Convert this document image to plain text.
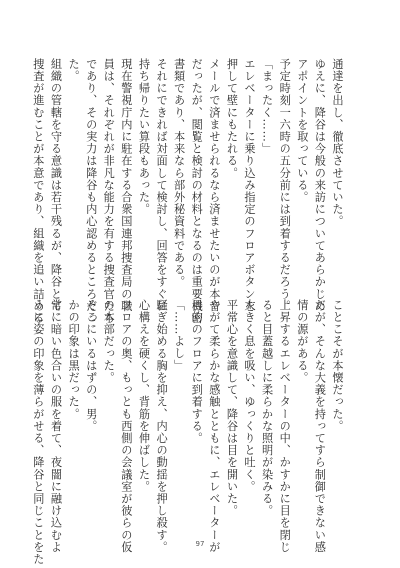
通達を出し、徹底させていた。
ゆえに、降谷は今般の来訪についてあらかじめ
アポイントを取っている。
予定時刻一六時の五分前には到着するだろう。
「まったく……」
エレベーターに乗り込み指定のフロアボタンを
押して壁にもたれる。
メールで済ませられるなら済ませたいのが本音
だったが、閲覧と検討の材料となるのは重要機密
書類であり、本来なら部外秘資料である。
それにできれば対面して検討し、回答をすぐに
持ち帰りたい算段もあった。
現在警視庁内に駐在する合衆国連邦捜査局の職
員は、それぞれが非凡な能力を有する捜査官たち
であり、その実力は降谷も内心認めるところだっ
た。
組織の管轄を守る意識は若干残るが、降谷とて
捜査が進むことが本意であり、組織を追い詰める
ことこそが本懐だった。
だが、そんな大義を持ってすら制御できない感
情の源がある。
上昇するエレベーターの中、かすかに目を閉じ
ると目蓋越しに柔らかな照明が染みる。
大きく息を吸い、ゆっくりと吐く。
平常心を意識して、降谷は目を開いた。
やがて柔らかな感触とともに、エレベーターが
目的のフロアに到着する。
「……よし」
騒ぎ始める胸を抑え、内心の動揺を押し殺す。
心構えを硬くし、背筋を伸ばした。
フロアの奥、もっとも西側の会議室が彼らの仮
の本部だった。
そこにいるはずの、男。
かの印象は黒だった。
常に暗い色合いの服を着て、夜闇に融け込むよ
うに姿の印象を薄らがせる、降谷と同じことをた	97
